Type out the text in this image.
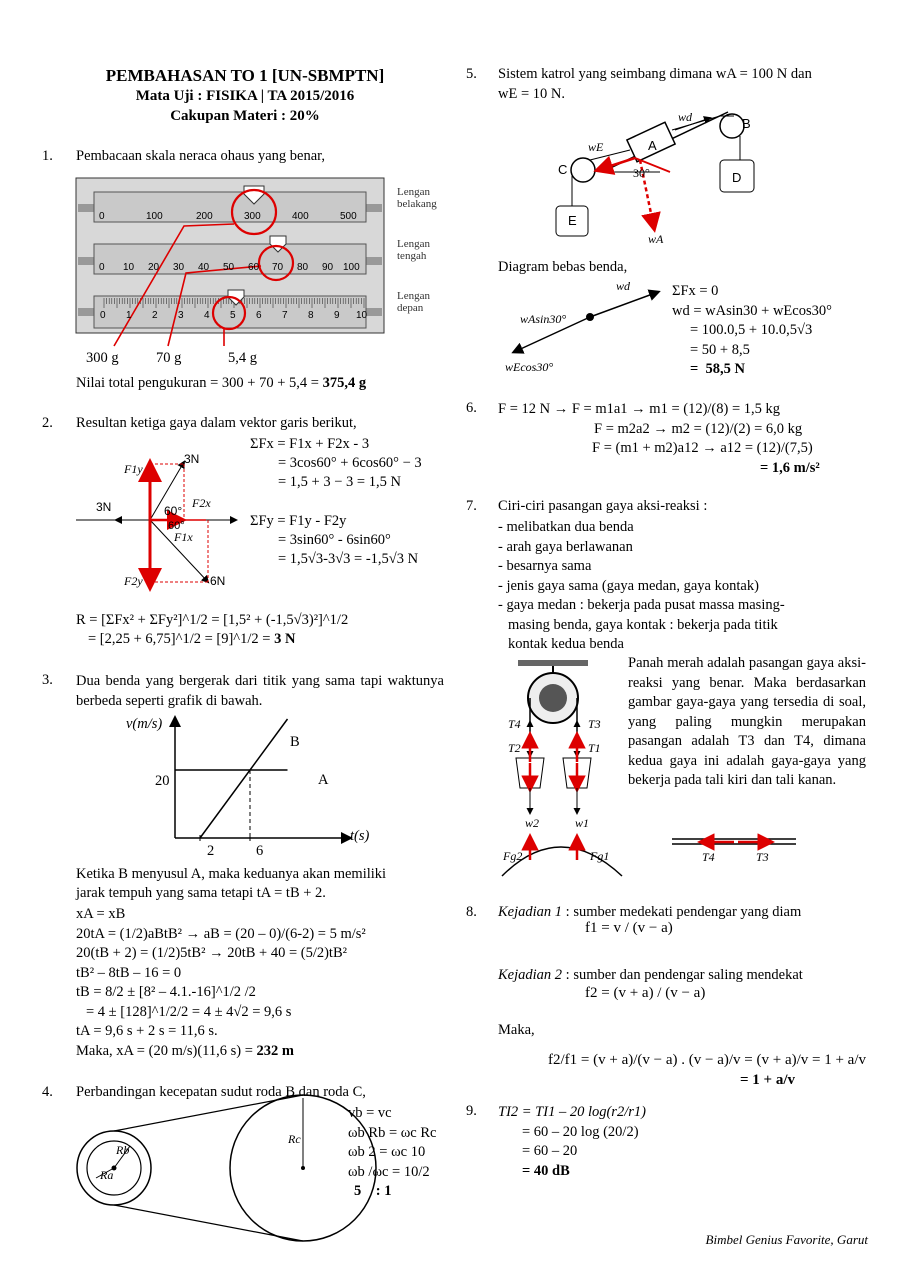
PEMBAHASAN TO 1 [UN-SBMPTN]
Mata Uji : FISIKA | TA 2015/2016
Cakupan Materi : 20%
1. Pembacaan skala neraca ohaus yang benar,
0	100	200	300	400	500
0 10 20 30 40 50 60 70 80 90 100
0 1 2 3 4 5 6 7 8 9 10
Lengan belakang
Lengan tengah
Lengan depan
300 g	70 g	5,4 g
Nilai total pengukuran = 300 + 70 + 5,4 = 375,4 g
2. Resultan ketiga gaya dalam vektor garis berikut,
3N
3N
6N
60°
60°
F1y
F2x
F1x
F2y
ΣFx = F1x + F2x - 3
= 3cos60° + 6cos60° − 3
= 1,5 + 3 − 3 = 1,5 N
ΣFy = F1y - F2y
= 3sin60° - 6sin60°
= 1,5√3-3√3 = -1,5√3 N
R = [ΣFx² + ΣFy²]^1/2 = [1,5² + (-1,5√3)²]^1/2
= [2,25 + 6,75]^1/2 = [9]^1/2 = 3 N
3. Dua benda yang bergerak dari titik yang sama tapi waktunya berbeda seperti grafik di bawah.
v(m/s)
t(s)
20
2	6
A
B
Ketika B menyusul A, maka keduanya akan memiliki
jarak tempuh yang sama tetapi tA = tB + 2.
xA = xB
20tA = (1/2)aBtB² → aB = (20 – 0)/(6-2) = 5 m/s²
20(tB + 2) = (1/2)5tB² → 20tB + 40 = (5/2)tB²
tB² – 8tB – 16 = 0
tB = 8/2 ± [8² – 4.1.-16]^1/2 /2
= 4 ± [128]^1/2/2 = 4 ± 4√2 = 9,6 s
tA = 9,6 s + 2 s = 11,6 s.
Maka, xA = (20 m/s)(11,6 s) = 232 m
4. Perbandingan kecepatan sudut roda B dan roda C,
Rb
Ra
Rc
vb = vc
ωb Rb = ωc Rc
ωb 2 = ωc 10
ωb /ωc = 10/2
5    : 1
5. Sistem katrol yang seimbang dimana wA = 100 N dan
wE = 10 N.
wd
wE
wA
A
B
C
D
E
30°
Diagram bebas benda,
wd
wAsin30°
wEcos30°
ΣFx = 0
wd = wAsin30 + wEcos30°
= 100.0,5 + 10.0,5√3
= 50 + 8,5
=  58,5 N
6. F = 12 N → F = m1a1 → m1 = (12)/(8) = 1,5 kg
F = m2a2 → m2 = (12)/(2) = 6,0 kg
F = (m1 + m2)a12 → a12 = (12)/(7,5)
= 1,6 m/s²
7. Ciri-ciri pasangan gaya aksi-reaksi :
- melibatkan dua benda
- arah gaya berlawanan
- besarnya sama
- jenis gaya sama (gaya medan, gaya kontak)
- gaya medan : bekerja pada pusat massa masing-
masing benda, gaya kontak : bekerja pada titik
kontak kedua benda
T4	T3
T2	T1
w2	w1
Fg2	Fg1
Panah merah adalah pasangan gaya aksi-reaksi yang benar. Maka berdasarkan gambar gaya-gaya yang tersedia di soal, yang paling mungkin merupakan pasangan adalah T3 dan T4, dimana kedua gaya ini adalah gaya-gaya yang bekerja pada tali kiri dan tali kanan.
T4	T3
8. Kejadian 1 : sumber medekati pendengar yang diam
f1 = v / (v − a)
Kejadian 2 : sumber dan pendengar saling mendekat
f2 = (v + a) / (v − a)
Maka,
f2/f1 = (v + a)/(v − a) . (v − a)/v = (v + a)/v = 1 + a/v
= 1 + a/v
9. TI2 = TI1 – 20 log(r2/r1)
= 60 – 20 log (20/2)
= 60 – 20
= 40 dB
Bimbel Genius Favorite, Garut
